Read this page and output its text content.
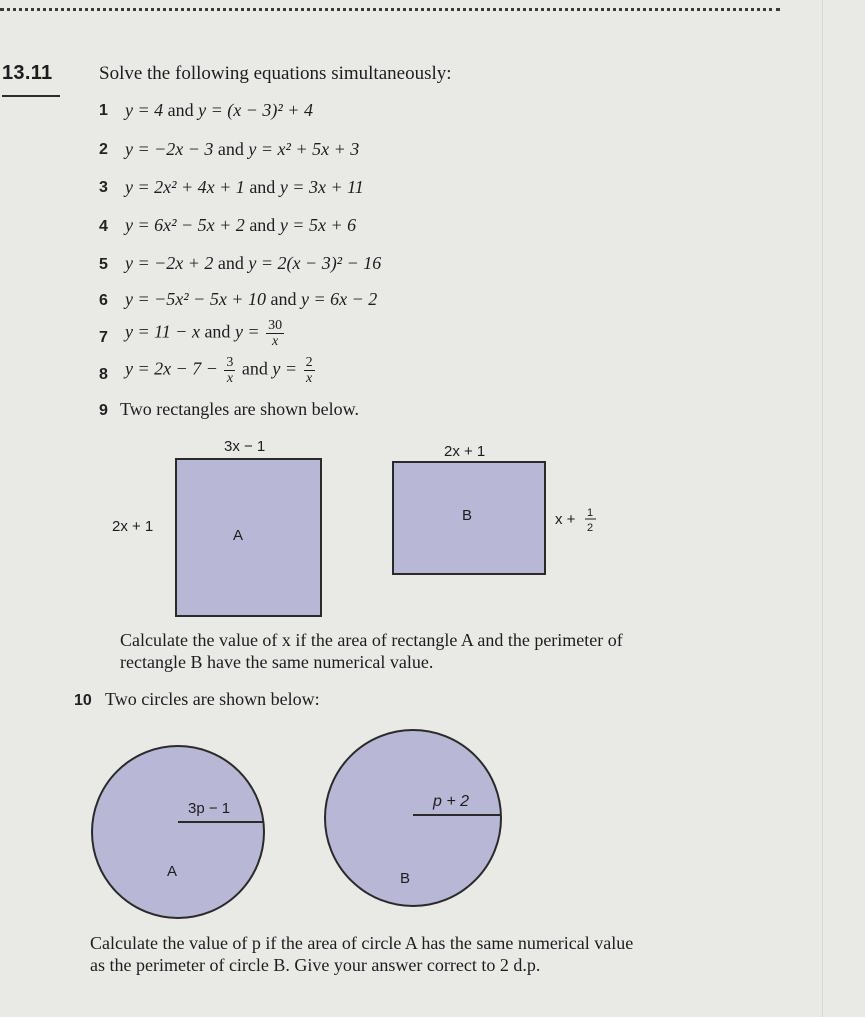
13.11 Solve the following equations simultaneously:
1 y = 4 and y = (x − 3)² + 4
2 y = −2x − 3 and y = x² + 5x + 3
3 y = 2x² + 4x + 1 and y = 3x + 11
4 y = 6x² − 5x + 2 and y = 5x + 6
5 y = −2x + 2 and y = 2(x − 3)² − 16
6 y = −5x² − 5x + 10 and y = 6x − 2
7 y = 11 − x and $y = \frac{30}{x}$
8 $y = 2x - 7 - \frac{3}{x}$ and $y = \frac{2}{x}$
9 Two rectangles are shown below.
3x − 1
2x + 1
A
2x + 1
B	x + 1
2
3p − 1
A
p + 2
B
Calculate the value of x if the area of rectangle A and the perimeter of
rectangle B have the same numerical value.
10 Two circles are shown below:
Calculate the value of p if the area of circle A has the same numerical value
as the perimeter of circle B. Give your answer correct to 2 d.p.
